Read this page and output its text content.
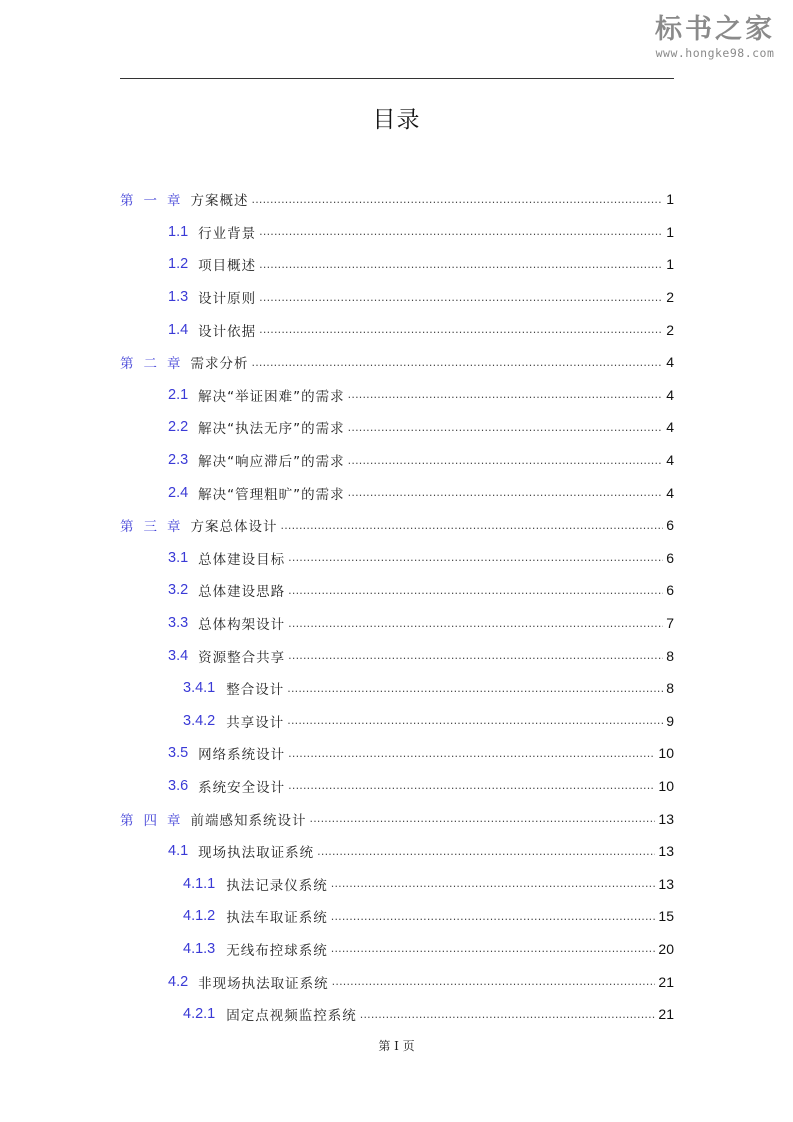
标书之家
www.hongke98.com
目录
第一章 方案概述 .....	1
1.1 行业背景 .....	1
1.2 项目概述 .....	1
1.3 设计原则 .....	2
1.4 设计依据 .....	2
第二章 需求分析 .....	4
2.1 解决“举证困难”的需求 .....	4
2.2 解决“执法无序”的需求 .....	4
2.3 解决“响应滞后”的需求 .....	4
2.4 解决“管理粗旷”的需求 .....	4
第三章 方案总体设计 .....	6
3.1 总体建设目标 .....	6
3.2 总体建设思路 .....	6
3.3 总体构架设计 .....	7
3.4 资源整合共享 .....	8
3.4.1 整合设计 .....	8
3.4.2 共享设计 .....	9
3.5 网络系统设计 .....	10
3.6 系统安全设计 .....	10
第四章 前端感知系统设计 .....	13
4.1 现场执法取证系统 .....	13
4.1.1 执法记录仪系统 .....	13
4.1.2 执法车取证系统 .....	15
4.1.3 无线布控球系统 .....	20
4.2 非现场执法取证系统 .....	21
4.2.1 固定点视频监控系统 .....	21
第 I 页
